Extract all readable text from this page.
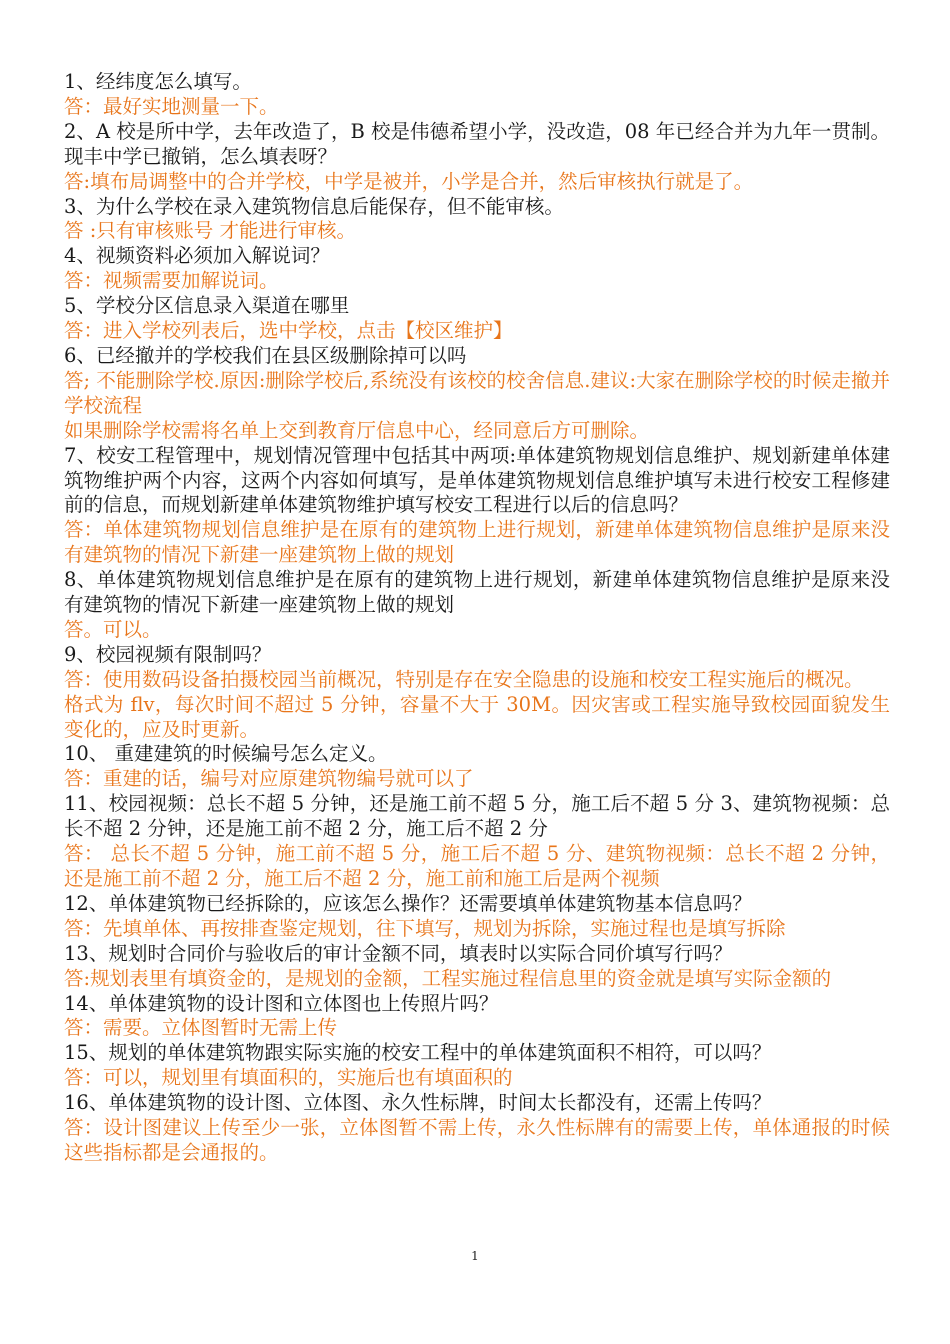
1、经纬度怎么填写。
答：最好实地测量一下。
2、A 校是所中学，去年改造了，B 校是伟德希望小学，没改造，08 年已经合并为九年一贯制。现丰中学已撤销，怎么填表呀？
答:填布局调整中的合并学校，中学是被并，小学是合并，然后审核执行就是了。
3、为什么学校在录入建筑物信息后能保存，但不能审核。
答 :只有审核账号 才能进行审核。
4、视频资料必须加入解说词？
答：视频需要加解说词。
5、学校分区信息录入渠道在哪里
答：进入学校列表后，选中学校，点击【校区维护】
6、已经撤并的学校我们在县区级删除掉可以吗
答; 不能删除学校.原因:删除学校后,系统没有该校的校舍信息.建议:大家在删除学校的时候走撤并学校流程
如果删除学校需将名单上交到教育厅信息中心，经同意后方可删除。
7、校安工程管理中，规划情况管理中包括其中两项:单体建筑物规划信息维护、规划新建单体建筑物维护两个内容，这两个内容如何填写，是单体建筑物规划信息维护填写未进行校安工程修建前的信息，而规划新建单体建筑物维护填写校安工程进行以后的信息吗？
答：单体建筑物规划信息维护是在原有的建筑物上进行规划，新建单体建筑物信息维护是原来没有建筑物的情况下新建一座建筑物上做的规划
8、单体建筑物规划信息维护是在原有的建筑物上进行规划，新建单体建筑物信息维护是原来没有建筑物的情况下新建一座建筑物上做的规划
答。可以。
9、校园视频有限制吗？
答：使用数码设备拍摄校园当前概况，特别是存在安全隐患的设施和校安工程实施后的概况。
格式为 flv，每次时间不超过 5 分钟，容量不大于 30M。因灾害或工程实施导致校园面貌发生变化的，应及时更新。
10、 重建建筑的时候编号怎么定义。
答：重建的话，编号对应原建筑物编号就可以了
11、校园视频：总长不超 5 分钟，还是施工前不超 5 分，施工后不超 5 分 3、建筑物视频：总长不超 2 分钟，还是施工前不超 2 分，施工后不超 2 分
答： 总长不超 5 分钟，施工前不超 5 分，施工后不超 5 分、建筑物视频：总长不超 2 分钟，还是施工前不超 2 分，施工后不超 2 分，施工前和施工后是两个视频
12、单体建筑物已经拆除的，应该怎么操作？还需要填单体建筑物基本信息吗？
答：先填单体、再按排查鉴定规划，往下填写，规划为拆除，实施过程也是填写拆除
13、规划时合同价与验收后的审计金额不同，填表时以实际合同价填写行吗？
答:规划表里有填资金的，是规划的金额，工程实施过程信息里的资金就是填写实际金额的
14、单体建筑物的设计图和立体图也上传照片吗？
答：需要。立体图暂时无需上传
15、规划的单体建筑物跟实际实施的校安工程中的单体建筑面积不相符，可以吗？
答：可以，规划里有填面积的，实施后也有填面积的
16、单体建筑物的设计图、立体图、永久性标牌，时间太长都没有，还需上传吗？
答：设计图建议上传至少一张，立体图暂不需上传，永久性标牌有的需要上传，单体通报的时候这些指标都是会通报的。
1
